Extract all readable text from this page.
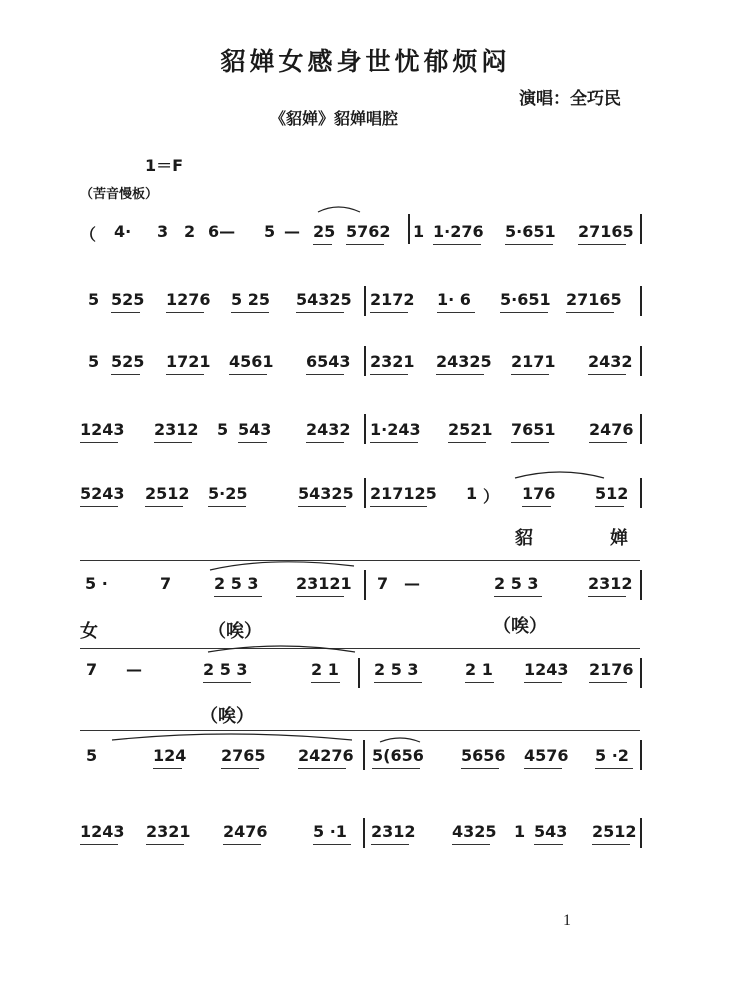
貂婵女感身世忧郁烦闷
演唱：全巧民
《貂婵》貂婵唱腔
1＝F
（苦音慢板）
（ 4· 3 2 6— 5 — 25 5762 1 1·276 5·651 27165
5 525 1276 5 25 54325 2172 1· 6 5·651 27165
5 525 1721 4561 6543 2321 24325 2171 2432
1243 2312 5 543 2432 1·243 2521 7651 2476
5243 2512 5·25	54325 217125 1 ） 176 512
5 ·	7	2 5 3 23121 7 —	2 5 3	2312
7 —	2 5 3	2 1 2 5 3	2 1 1243 2176
5	124 2765 24276 5(656 5656 4576 5 ·2
1243 2321 2476	5 ·1 2312 4325 1 543 2512
貂	婵
女	（唉）	（唉）
（唉）
1
